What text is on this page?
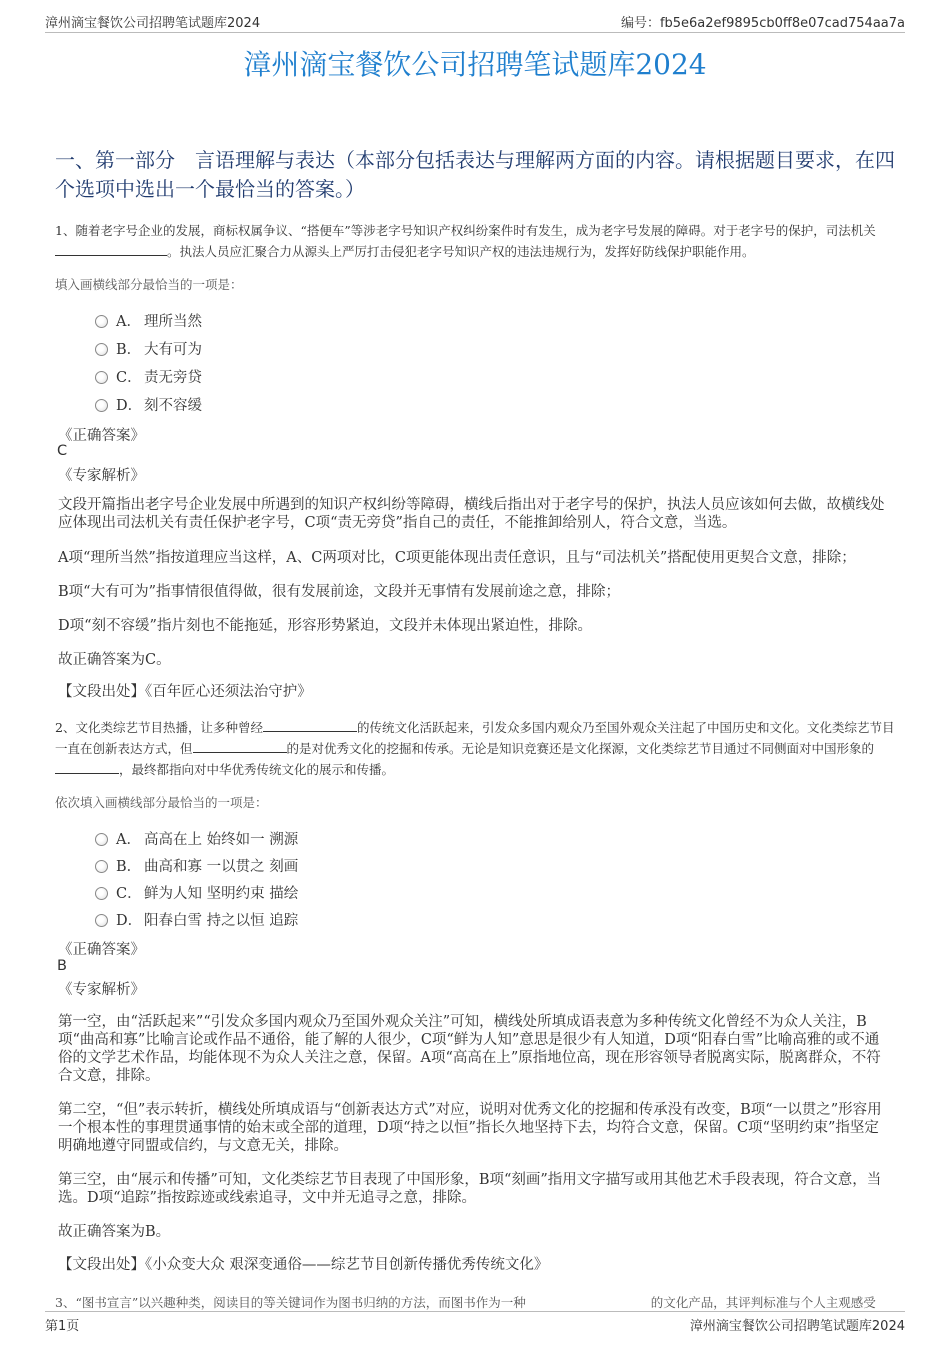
漳州滴宝餐饮公司招聘笔试题库2024	编号：fb5e6a2ef9895cb0ff8e07cad754aa7a
漳州滴宝餐饮公司招聘笔试题库2024
一、第一部分　言语理解与表达（本部分包括表达与理解两方面的内容。请根据题目要求，在四个选项中选出一个最恰当的答案。）
1、随着老字号企业的发展，商标权属争议、“搭便车”等涉老字号知识产权纠纷案件时有发生，成为老字号发展的障碍。对于老字号的保护，司法机关。执法人员应汇聚合力从源头上严厉打击侵犯老字号知识产权的违法违规行为，发挥好防线保护职能作用。
填入画横线部分最恰当的一项是：
A． 理所当然
B． 大有可为
C． 责无旁贷
D． 刻不容缓
《正确答案》
C
《专家解析》
文段开篇指出老字号企业发展中所遇到的知识产权纠纷等障碍，横线后指出对于老字号的保护，执法人员应该如何去做，故横线处应体现出司法机关有责任保护老字号，C项“责无旁贷”指自己的责任，不能推卸给别人，符合文意，当选。
A项“理所当然”指按道理应当这样，A、C两项对比，C项更能体现出责任意识，且与“司法机关”搭配使用更契合文意，排除；
B项“大有可为”指事情很值得做，很有发展前途，文段并无事情有发展前途之意，排除；
D项“刻不容缓”指片刻也不能拖延，形容形势紧迫，文段并未体现出紧迫性，排除。
故正确答案为C。
【文段出处】《百年匠心还须法治守护》
2、文化类综艺节目热播，让多种曾经	的传统文化活跃起来，引发众多国内观众乃至国外观众关注起了中国历史和文化。文化类综艺节目一直在创新表达方式，但	的是对优秀文化的挖掘和传承。无论是知识竞赛还是文化探源，文化类综艺节目通过不同侧面对中国形象的，最终都指向对中华优秀传统文化的展示和传播。
依次填入画横线部分最恰当的一项是：
A． 高高在上 始终如一 溯源
B． 曲高和寡 一以贯之 刻画
C． 鲜为人知 坚明约束 描绘
D． 阳春白雪 持之以恒 追踪
《正确答案》
B
《专家解析》
第一空，由“活跃起来”“引发众多国内观众乃至国外观众关注”可知，横线处所填成语表意为多种传统文化曾经不为众人关注，B项“曲高和寡”比喻言论或作品不通俗，能了解的人很少，C项“鲜为人知”意思是很少有人知道，D项“阳春白雪”比喻高雅的或不通俗的文学艺术作品，均能体现不为众人关注之意，保留。A项“高高在上”原指地位高，现在形容领导者脱离实际，脱离群众，不符合文意，排除。
第二空，“但”表示转折，横线处所填成语与“创新表达方式”对应，说明对优秀文化的挖掘和传承没有改变，B项“一以贯之”形容用一个根本性的事理贯通事情的始末或全部的道理，D项“持之以恒”指长久地坚持下去，均符合文意，保留。C项“坚明约束”指坚定明确地遵守同盟或信约，与文意无关，排除。
第三空，由“展示和传播”可知，文化类综艺节目表现了中国形象，B项“刻画”指用文字描写或用其他艺术手段表现，符合文意，当选。D项“追踪”指按踪迹或线索追寻，文中并无追寻之意，排除。
故正确答案为B。
【文段出处】《小众变大众 艰深变通俗——综艺节目创新传播优秀传统文化》
3、“图书宣言”以兴趣种类，阅读目的等关键词作为图书归纳的方法，而图书作为一种　　　　　　　　　　的文化产品，其评判标准与个人主观感受
第1页	漳州滴宝餐饮公司招聘笔试题库2024
